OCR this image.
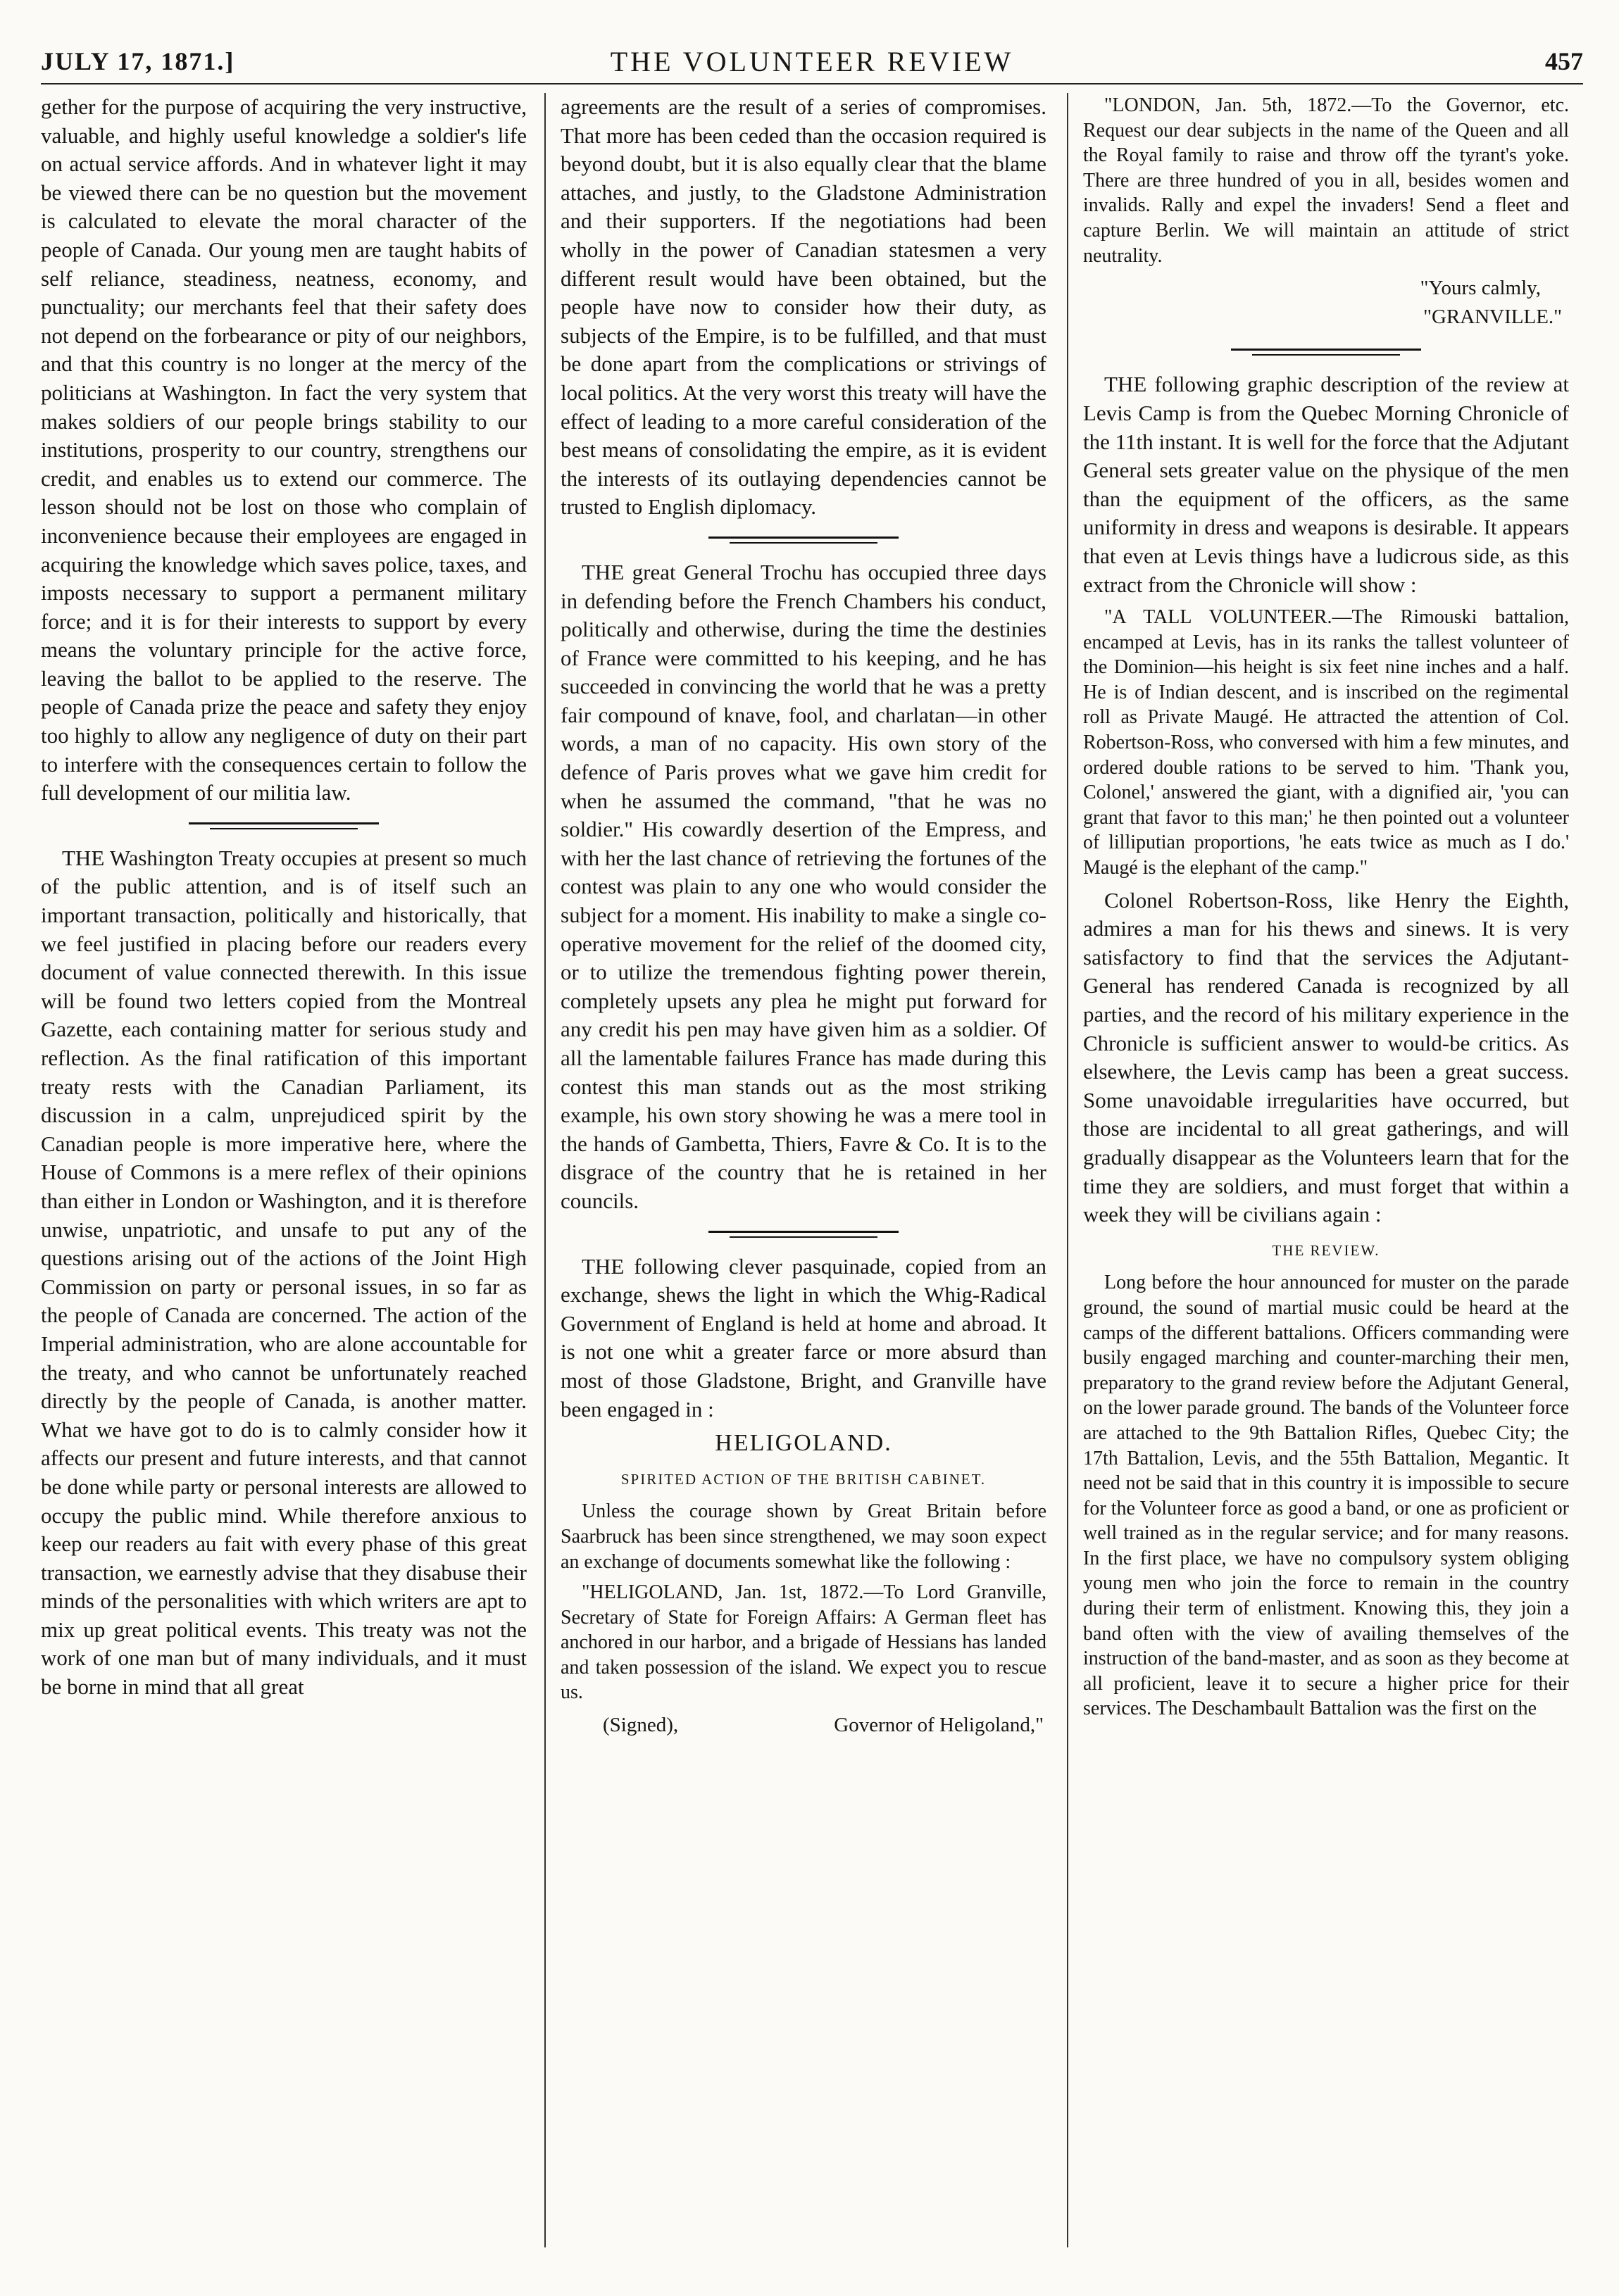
JULY 17, 1871.]	THE VOLUNTEER REVIEW	457

gether for the purpose of acquiring the very instructive, valuable, and highly useful knowledge a soldier's life on actual service affords. And in whatever light it may be viewed there can be no question but the movement is calculated to elevate the moral character of the people of Canada. Our young men are taught habits of self reliance, steadiness, neatness, economy, and punctuality; our merchants feel that their safety does not depend on the forbearance or pity of our neighbors, and that this country is no longer at the mercy of the politicians at Washington. In fact the very system that makes soldiers of our people brings stability to our institutions, prosperity to our country, strengthens our credit, and enables us to extend our commerce. The lesson should not be lost on those who complain of inconvenience because their employees are engaged in acquiring the knowledge which saves police, taxes, and imposts necessary to support a permanent military force; and it is for their interests to support by every means the voluntary principle for the active force, leaving the ballot to be applied to the reserve. The people of Canada prize the peace and safety they enjoy too highly to allow any negligence of duty on their part to interfere with the consequences certain to follow the full development of our militia law.

THE Washington Treaty occupies at present so much of the public attention, and is of itself such an important transaction, politically and historically, that we feel justified in placing before our readers every document of value connected therewith. In this issue will be found two letters copied from the Montreal Gazette, each containing matter for serious study and reflection. As the final ratification of this important treaty rests with the Canadian Parliament, its discussion in a calm, unprejudiced spirit by the Canadian people is more imperative here, where the House of Commons is a mere reflex of their opinions than either in London or Washington, and it is therefore unwise, unpatriotic, and unsafe to put any of the questions arising out of the actions of the Joint High Commission on party or personal issues, in so far as the people of Canada are concerned. The action of the Imperial administration, who are alone accountable for the treaty, and who cannot be unfortunately reached directly by the people of Canada, is another matter. What we have got to do is to calmly consider how it affects our present and future interests, and that cannot be done while party or personal interests are allowed to occupy the public mind. While therefore anxious to keep our readers au fait with every phase of this great transaction, we earnestly advise that they disabuse their minds of the personalities with which writers are apt to mix up great political events. This treaty was not the work of one man but of many individuals, and it must be borne in mind that all great

agreements are the result of a series of compromises. That more has been ceded than the occasion required is beyond doubt, but it is also equally clear that the blame attaches, and justly, to the Gladstone Administration and their supporters. If the negotiations had been wholly in the power of Canadian statesmen a very different result would have been obtained, but the people have now to consider how their duty, as subjects of the Empire, is to be fulfilled, and that must be done apart from the complications or strivings of local politics. At the very worst this treaty will have the effect of leading to a more careful consideration of the best means of consolidating the empire, as it is evident the interests of its outlaying dependencies cannot be trusted to English diplomacy.

THE great General Trochu has occupied three days in defending before the French Chambers his conduct, politically and otherwise, during the time the destinies of France were committed to his keeping, and he has succeeded in convincing the world that he was a pretty fair compound of knave, fool, and charlatan—in other words, a man of no capacity. His own story of the defence of Paris proves what we gave him credit for when he assumed the command, "that he was no soldier." His cowardly desertion of the Empress, and with her the last chance of retrieving the fortunes of the contest was plain to any one who would consider the subject for a moment. His inability to make a single co-operative movement for the relief of the doomed city, or to utilize the tremendous fighting power therein, completely upsets any plea he might put forward for any credit his pen may have given him as a soldier. Of all the lamentable failures France has made during this contest this man stands out as the most striking example, his own story showing he was a mere tool in the hands of Gambetta, Thiers, Favre & Co. It is to the disgrace of the country that he is retained in her councils.

THE following clever pasquinade, copied from an exchange, shews the light in which the Whig-Radical Government of England is held at home and abroad. It is not one whit a greater farce or more absurd than most of those Gladstone, Bright, and Granville have been engaged in :

HELIGOLAND.
SPIRITED ACTION OF THE BRITISH CABINET.

Unless the courage shown by Great Britain before Saarbruck has been since strengthened, we may soon expect an exchange of documents somewhat like the following :

"HELIGOLAND, Jan. 1st, 1872.—To Lord Granville, Secretary of State for Foreign Affairs: A German fleet has anchored in our harbor, and a brigade of Hessians has landed and taken possession of the island. We expect you to rescue us.

(Signed),	Governor of Heligoland,"

"LONDON, Jan. 5th, 1872.—To the Governor, etc. Request our dear subjects in the name of the Queen and all the Royal family to raise and throw off the tyrant's yoke. There are three hundred of you in all, besides women and invalids. Rally and expel the invaders! Send a fleet and capture Berlin. We will maintain an attitude of strict neutrality.

"Yours calmly,

"GRANVILLE."

THE following graphic description of the review at Levis Camp is from the Quebec Morning Chronicle of the 11th instant. It is well for the force that the Adjutant General sets greater value on the physique of the men than the equipment of the officers, as the same uniformity in dress and weapons is desirable. It appears that even at Levis things have a ludicrous side, as this extract from the Chronicle will show :

"A TALL VOLUNTEER.—The Rimouski battalion, encamped at Levis, has in its ranks the tallest volunteer of the Dominion—his height is six feet nine inches and a half. He is of Indian descent, and is inscribed on the regimental roll as Private Maugé. He attracted the attention of Col. Robertson-Ross, who conversed with him a few minutes, and ordered double rations to be served to him. 'Thank you, Colonel,' answered the giant, with a dignified air, 'you can grant that favor to this man;' he then pointed out a volunteer of lilliputian proportions, 'he eats twice as much as I do.' Maugé is the elephant of the camp."

Colonel Robertson-Ross, like Henry the Eighth, admires a man for his thews and sinews. It is very satisfactory to find that the services the Adjutant-General has rendered Canada is recognized by all parties, and the record of his military experience in the Chronicle is sufficient answer to would-be critics. As elsewhere, the Levis camp has been a great success. Some unavoidable irregularities have occurred, but those are incidental to all great gatherings, and will gradually disappear as the Volunteers learn that for the time they are soldiers, and must forget that within a week they will be civilians again :

THE REVIEW.

Long before the hour announced for muster on the parade ground, the sound of martial music could be heard at the camps of the different battalions. Officers commanding were busily engaged marching and counter-marching their men, preparatory to the grand review before the Adjutant General, on the lower parade ground. The bands of the Volunteer force are attached to the 9th Battalion Rifles, Quebec City; the 17th Battalion, Levis, and the 55th Battalion, Megantic. It need not be said that in this country it is impossible to secure for the Volunteer force as good a band, or one as proficient or well trained as in the regular service; and for many reasons. In the first place, we have no compulsory system obliging young men who join the force to remain in the country during their term of enlistment. Knowing this, they join a band often with the view of availing themselves of the instruction of the band-master, and as soon as they become at all proficient, leave it to secure a higher price for their services. The Deschambault Battalion was the first on the
